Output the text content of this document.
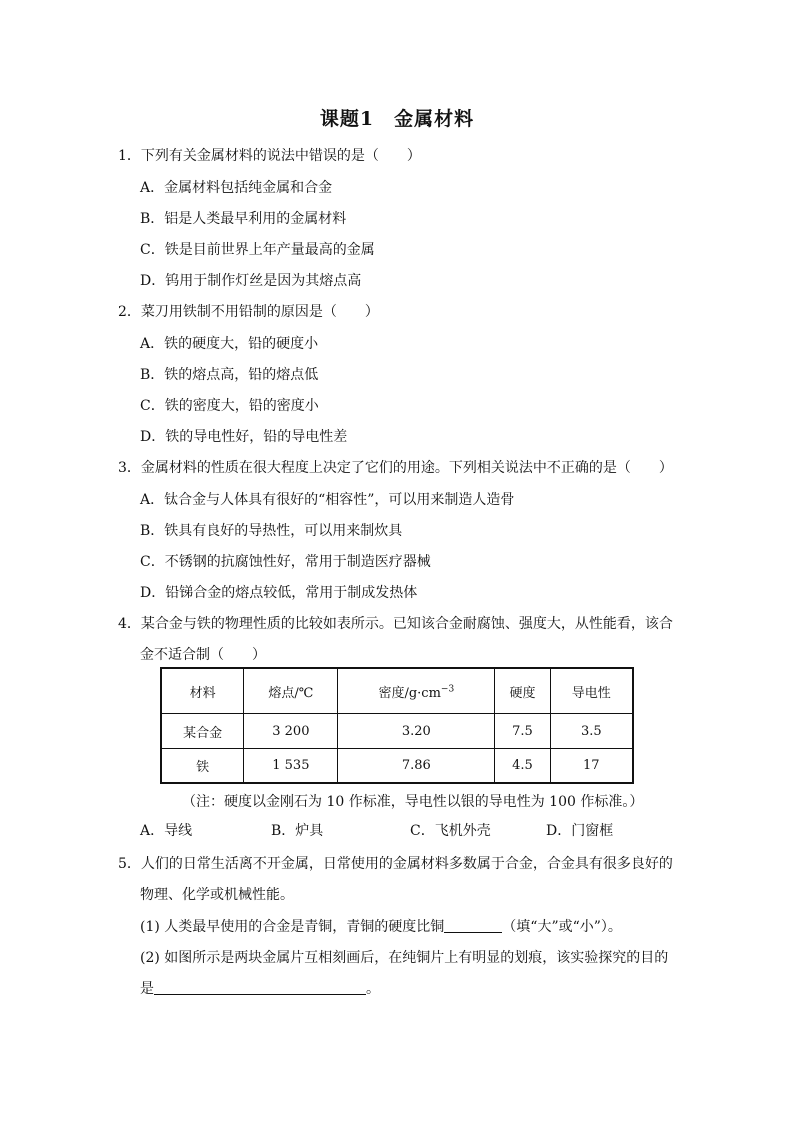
课题1　金属材料
1．下列有关金属材料的说法中错误的是（　　）
A．金属材料包括纯金属和合金
B．铝是人类最早利用的金属材料
C．铁是目前世界上年产量最高的金属
D．钨用于制作灯丝是因为其熔点高
2．菜刀用铁制不用铅制的原因是（　　）
A．铁的硬度大，铅的硬度小
B．铁的熔点高，铅的熔点低
C．铁的密度大，铅的密度小
D．铁的导电性好，铅的导电性差
3．金属材料的性质在很大程度上决定了它们的用途。下列相关说法中不正确的是（　　）
A．钛合金与人体具有很好的“相容性”，可以用来制造人造骨
B．铁具有良好的导热性，可以用来制炊具
C．不锈钢的抗腐蚀性好，常用于制造医疗器械
D．铅锑合金的熔点较低，常用于制成发热体
4．某合金与铁的物理性质的比较如表所示。已知该合金耐腐蚀、强度大，从性能看，该合
金不适合制（　　）
材料	熔点/℃	密度$/g\cdot cm^{-3}$	硬度	导电性
某合金	3 200	3.20	7.5	3.5
铁	1 535	7.86	4.5	17
（注：硬度以金刚石为 10 作标准，导电性以银的导电性为 100 作标准。）
A．导线	B．炉具	C．飞机外壳	D．门窗框
5．人们的日常生活离不开金属，日常使用的金属材料多数属于合金，合金具有很多良好的
物理、化学或机械性能。
(1) 人类最早使用的合金是青铜，青铜的硬度比铜	（填“大”或“小”）。
(2) 如图所示是两块金属片互相刻画后，在纯铜片上有明显的划痕，该实验探究的目的
是	。
